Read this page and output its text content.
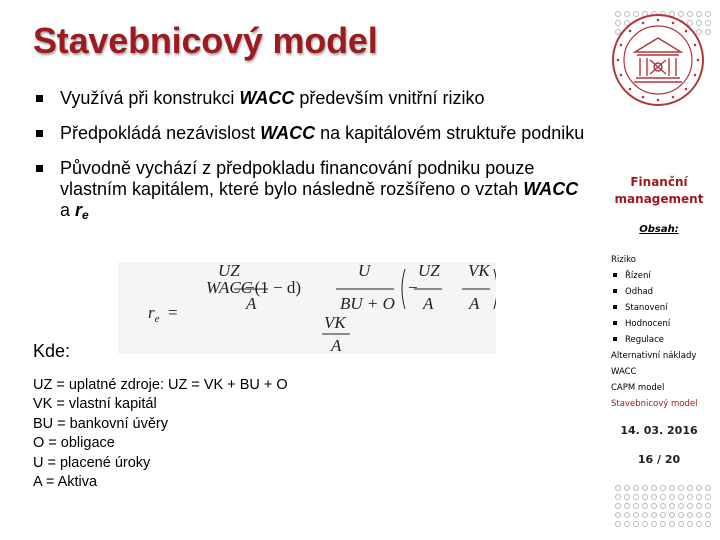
Stavebnicový model
Využívá při konstrukci WACC především vnitřní riziko
Předpokládá nezávislost WACC na kapitálovém struktuře podniku
Původně vychází z předpokladu financování podniku pouze vlastním kapitálem, které bylo následně rozšířeno o vztah WACC a $r_e$
UZ	U	UZ VK
WACC
−(1 − d)	−
A	BU + O A A
$r_e$ =
VK
A
Kde:
UZ = uplatné zdroje: UZ = VK + BU + O
VK = vlastní kapitál
BU = bankovní úvěry
O = obligace
U = placené úroky
A = Aktiva
Finanční
management
Obsah:
Riziko
Řízení
Odhad
Stanovení
Hodnocení
Regulace
Alternativní náklady
WACC
CAPM model
Stavebnicový model
14. 03. 2016
16 / 20
